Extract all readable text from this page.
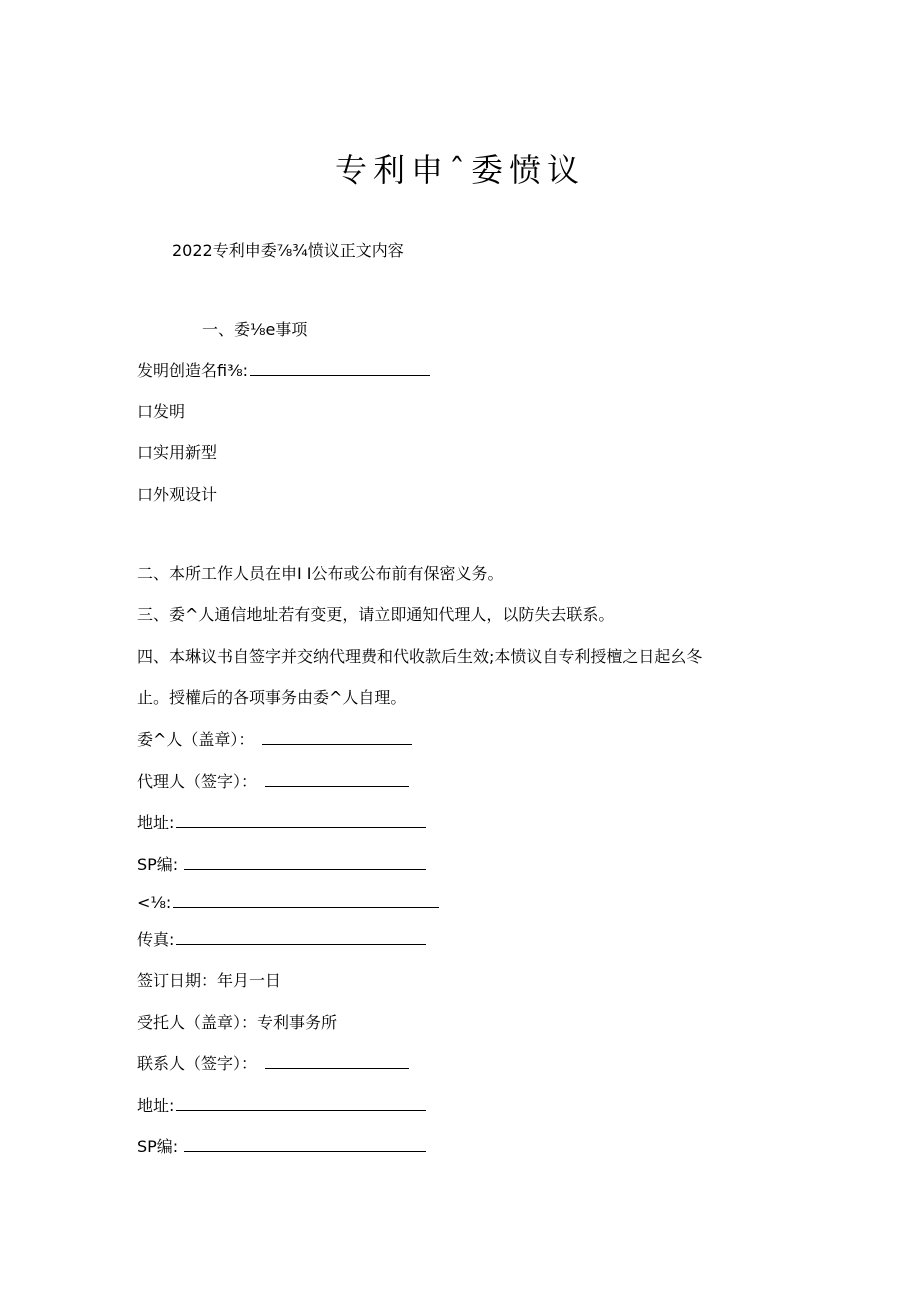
专利申ˆ委愤议
2022专利申委⅞¾愤议正文内容
一、委⅛e事项
发明创造名fi⅜:
口发明
口实用新型
口外观设计
二、本所工作人员在申I I公布或公布前有保密义务。
三、委^人通信地址若有变更，请立即通知代理人，以防失去联系。
四、本琳议书自签字并交纳代理费和代收款后生效;本愤议自专利授檀之日起幺冬
止。授權后的各项事务由委^人自理。
委^人（盖章）：
代理人（签字）：
地址:
SP编:
<⅛:
传真:
签订日期：年月一日
受托人（盖章）：专利事务所
联系人（签字）：
地址:
SP编:
